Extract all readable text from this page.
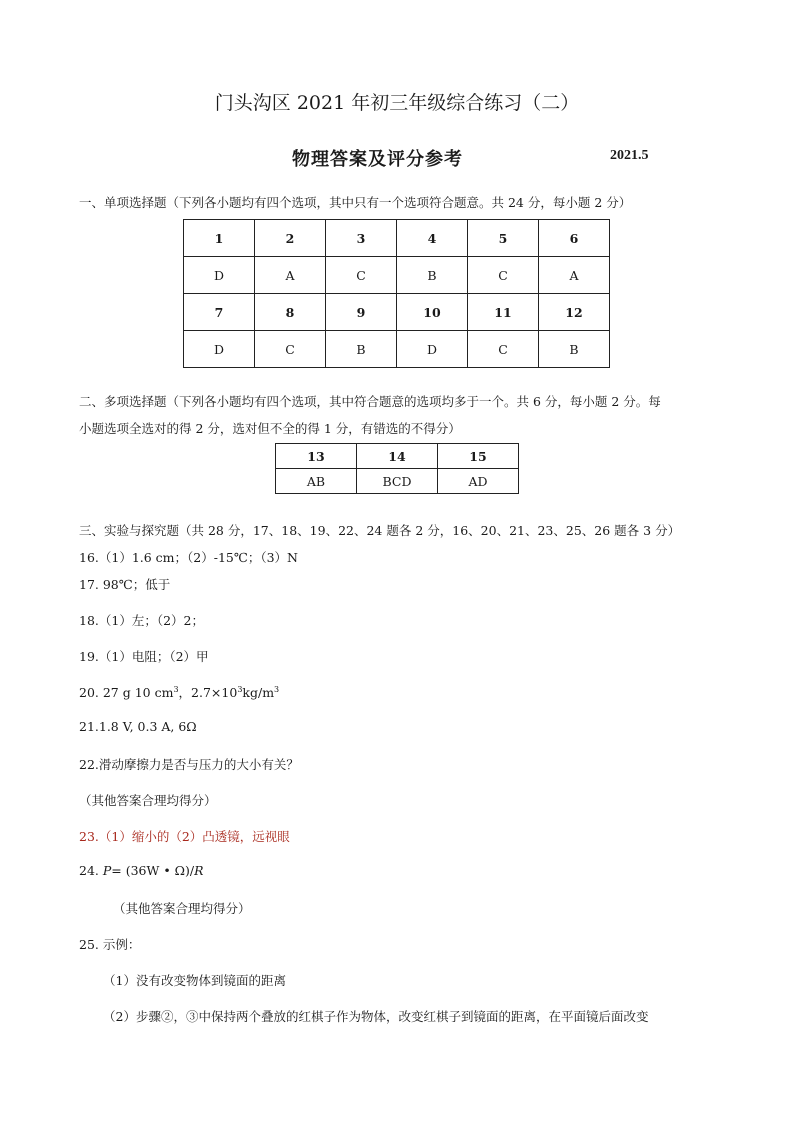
门头沟区 2021 年初三年级综合练习（二）
物理答案及评分参考	2021.5
一、单项选择题（下列各小题均有四个选项，其中只有一个选项符合题意。共 24 分，每小题 2 分）
1	2	3	4	5	6
D	A	C	B	C	A
7	8	9	10	11	12
D	C	B	D	C	B
二、多项选择题（下列各小题均有四个选项，其中符合题意的选项均多于一个。共 6 分，每小题 2 分。每
小题选项全选对的得 2 分，选对但不全的得 1 分，有错选的不得分）
13	14	15
AB	BCD	AD
三、实验与探究题（共 28 分，17、18、19、22、24 题各 2 分，16、20、21、23、25、26 题各 3 分）
16.（1）1.6 cm；（2）-15℃；（3）N
17. 98℃；低于
18.（1）左；（2）2；
19.（1）电阻；（2）甲
20. 27 g 10 $cm^3$，$2.7\times 10^3kg/m^3$
21.1.8 V, 0.3 A, 6Ω
22.滑动摩擦力是否与压力的大小有关？
（其他答案合理均得分）
23.（1）缩小的（2）凸透镜，远视眼
24. P= (36W • Ω)/R
（其他答案合理均得分）
25. 示例：
（1）没有改变物体到镜面的距离
（2）步骤②，③中保持两个叠放的红棋子作为物体，改变红棋子到镜面的距离，在平面镜后面改变
